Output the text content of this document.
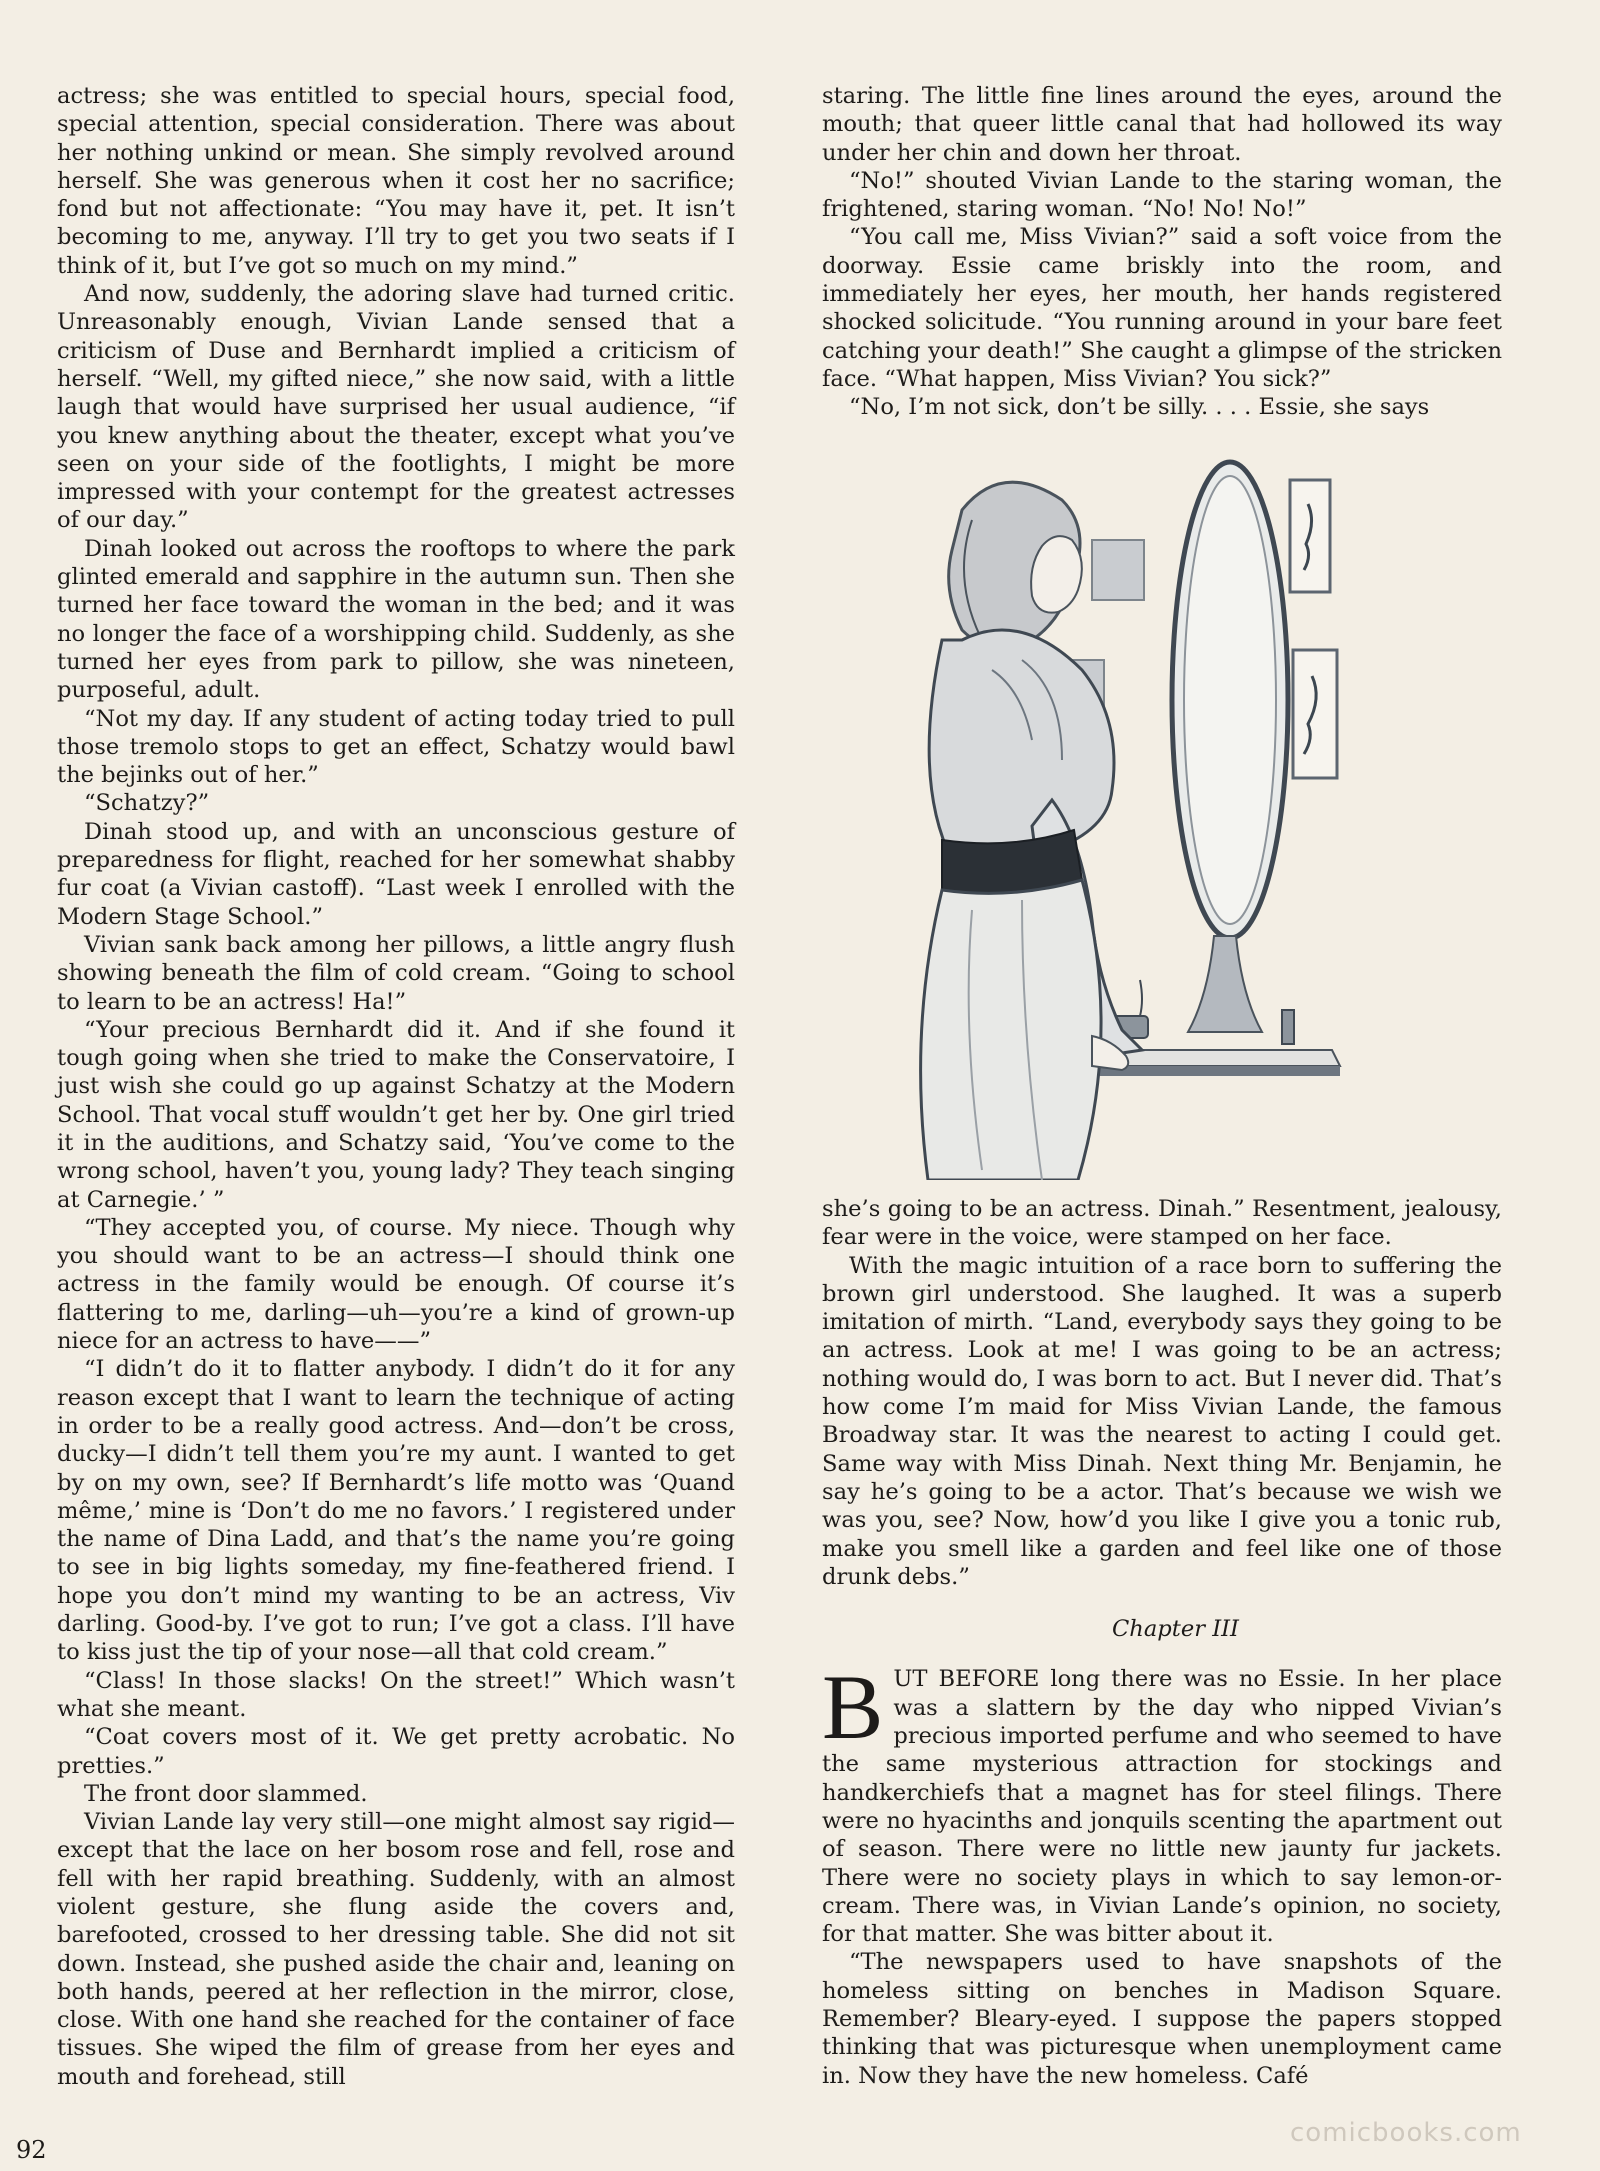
actress; she was entitled to special hours, special food, special attention, special consideration. There was about her nothing unkind or mean. She simply revolved around herself. She was generous when it cost her no sacrifice; fond but not affectionate: “You may have it, pet. It isn’t becoming to me, anyway. I’ll try to get you two seats if I think of it, but I’ve got so much on my mind.”

And now, suddenly, the adoring slave had turned critic. Unreasonably enough, Vivian Lande sensed that a criticism of Duse and Bernhardt implied a criticism of herself. “Well, my gifted niece,” she now said, with a little laugh that would have surprised her usual audience, “if you knew anything about the theater, except what you’ve seen on your side of the footlights, I might be more impressed with your contempt for the greatest actresses of our day.”

Dinah looked out across the rooftops to where the park glinted emerald and sapphire in the autumn sun. Then she turned her face toward the woman in the bed; and it was no longer the face of a worshipping child. Suddenly, as she turned her eyes from park to pillow, she was nineteen, purposeful, adult.

“Not my day. If any student of acting today tried to pull those tremolo stops to get an effect, Schatzy would bawl the bejinks out of her.”

“Schatzy?”

Dinah stood up, and with an unconscious gesture of preparedness for flight, reached for her somewhat shabby fur coat (a Vivian castoff). “Last week I enrolled with the Modern Stage School.”

Vivian sank back among her pillows, a little angry flush showing beneath the film of cold cream. “Going to school to learn to be an actress! Ha!”

“Your precious Bernhardt did it. And if she found it tough going when she tried to make the Conservatoire, I just wish she could go up against Schatzy at the Modern School. That vocal stuff wouldn’t get her by. One girl tried it in the auditions, and Schatzy said, ‘You’ve come to the wrong school, haven’t you, young lady? They teach singing at Carnegie.’ ”

“They accepted you, of course. My niece. Though why you should want to be an actress—I should think one actress in the family would be enough. Of course it’s flattering to me, darling—uh—you’re a kind of grown-up niece for an actress to have——”

“I didn’t do it to flatter anybody. I didn’t do it for any reason except that I want to learn the technique of acting in order to be a really good actress. And—don’t be cross, ducky—I didn’t tell them you’re my aunt. I wanted to get by on my own, see? If Bernhardt’s life motto was ‘Quand même,’ mine is ‘Don’t do me no favors.’ I registered under the name of Dina Ladd, and that’s the name you’re going to see in big lights someday, my fine-feathered friend. I hope you don’t mind my wanting to be an actress, Viv darling. Good-by. I’ve got to run; I’ve got a class. I’ll have to kiss just the tip of your nose—all that cold cream.”

“Class! In those slacks! On the street!” Which wasn’t what she meant.

“Coat covers most of it. We get pretty acrobatic. No pretties.”

The front door slammed.

Vivian Lande lay very still—one might almost say rigid—except that the lace on her bosom rose and fell, rose and fell with her rapid breathing. Suddenly, with an almost violent gesture, she flung aside the covers and, barefooted, crossed to her dressing table. She did not sit down. Instead, she pushed aside the chair and, leaning on both hands, peered at her reflection in the mirror, close, close. With one hand she reached for the container of face tissues. She wiped the film of grease from her eyes and mouth and forehead, still

staring. The little fine lines around the eyes, around the mouth; that queer little canal that had hollowed its way under her chin and down her throat.

“No!” shouted Vivian Lande to the staring woman, the frightened, staring woman. “No! No! No!”

“You call me, Miss Vivian?” said a soft voice from the doorway. Essie came briskly into the room, and immediately her eyes, her mouth, her hands registered shocked solicitude. “You running around in your bare feet catching your death!” She caught a glimpse of the stricken face. “What happen, Miss Vivian? You sick?”

“No, I’m not sick, don’t be silly. . . . Essie, she says

she’s going to be an actress. Dinah.” Resentment, jealousy, fear were in the voice, were stamped on her face.

With the magic intuition of a race born to suffering the brown girl understood. She laughed. It was a superb imitation of mirth. “Land, everybody says they going to be an actress. Look at me! I was going to be an actress; nothing would do, I was born to act. But I never did. That’s how come I’m maid for Miss Vivian Lande, the famous Broadway star. It was the nearest to acting I could get. Same way with Miss Dinah. Next thing Mr. Benjamin, he say he’s going to be a actor. That’s because we wish we was you, see? Now, how’d you like I give you a tonic rub, make you smell like a garden and feel like one of those drunk debs.”

Chapter III

BUT BEFORE long there was no Essie. In her place was a slattern by the day who nipped Vivian’s precious imported perfume and who seemed to have the same mysterious attraction for stockings and handkerchiefs that a magnet has for steel filings. There were no hyacinths and jonquils scenting the apartment out of season. There were no little new jaunty fur jackets. There were no society plays in which to say lemon-or-cream. There was, in Vivian Lande’s opinion, no society, for that matter. She was bitter about it.

“The newspapers used to have snapshots of the homeless sitting on benches in Madison Square. Remember? Bleary-eyed. I suppose the papers stopped thinking that was picturesque when unemployment came in. Now they have the new homeless. Café

92
comicbooks.com
